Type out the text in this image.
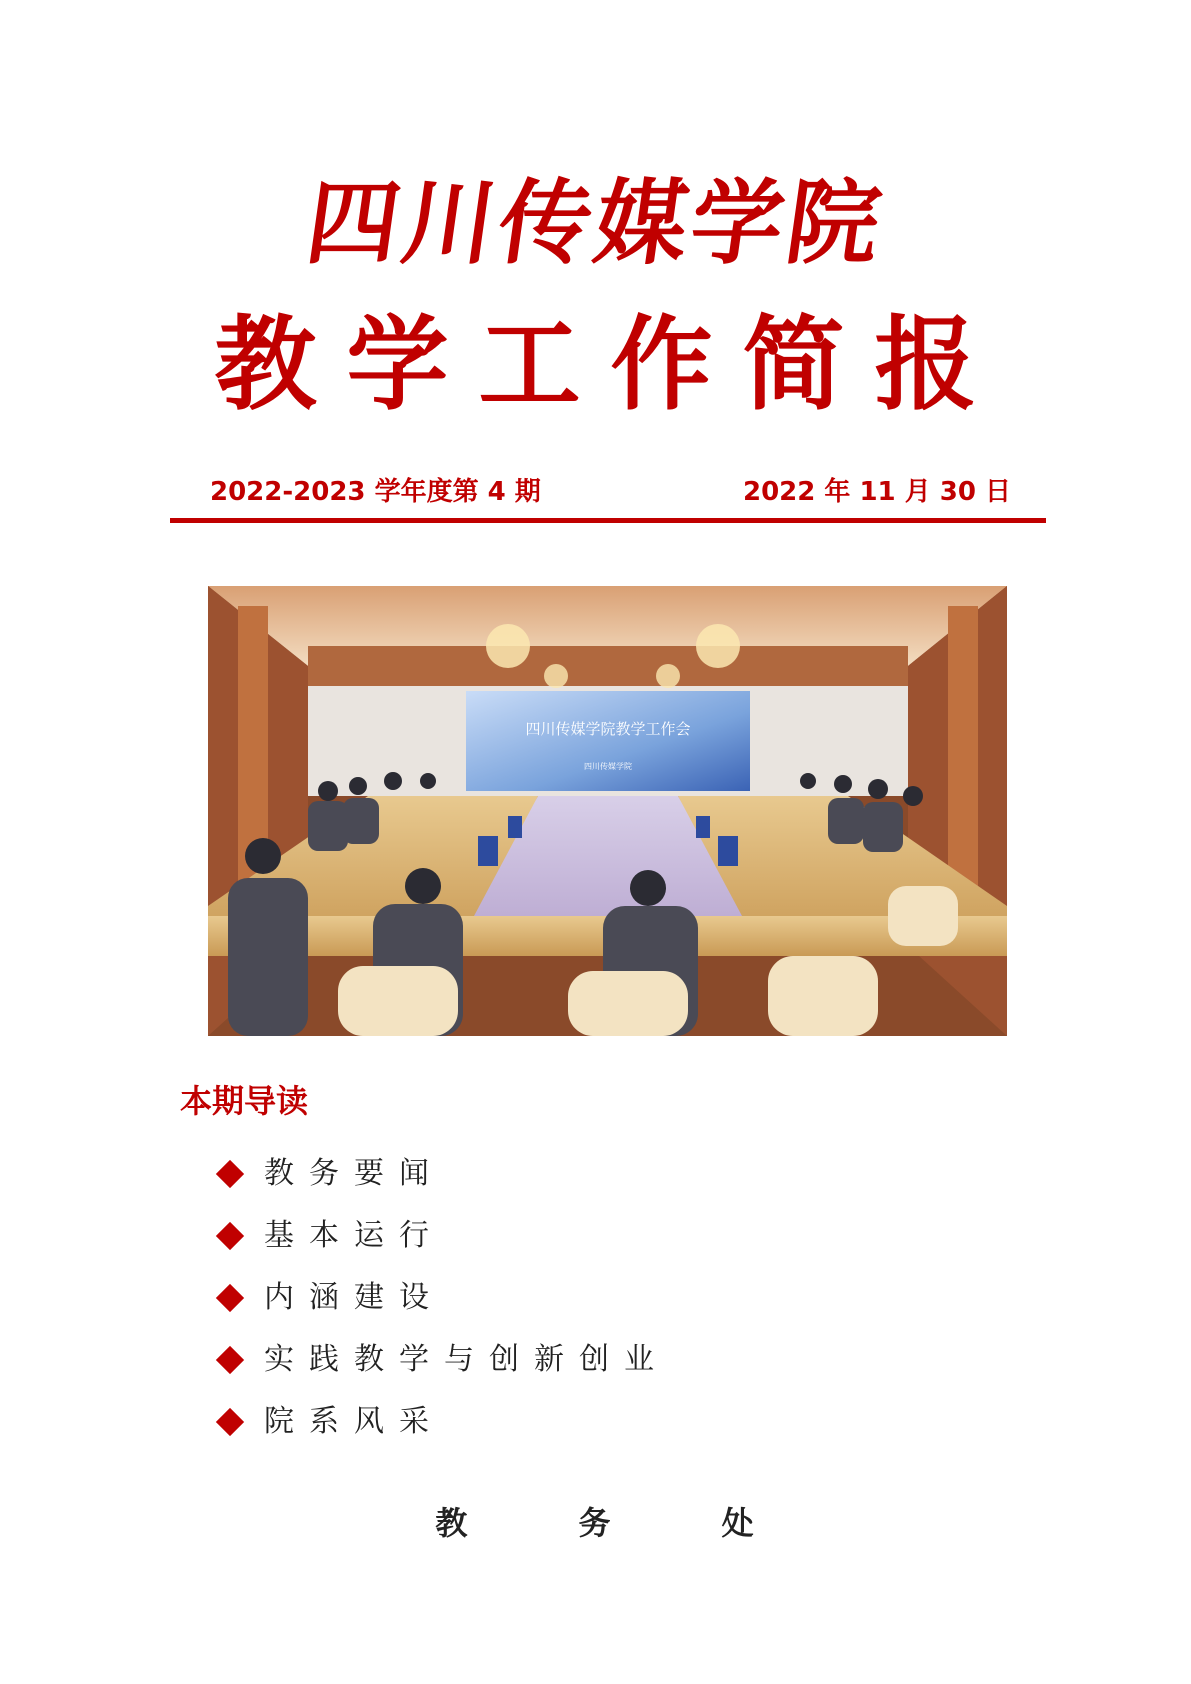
四川传媒学院
教学工作简报
2022-2023 学年度第 4 期	2022 年 11 月 30 日
四川传媒学院教学工作会
四川传媒学院
本期导读
教务要闻
基本运行
内涵建设
实践教学与创新创业
院系风采
教	务	处
